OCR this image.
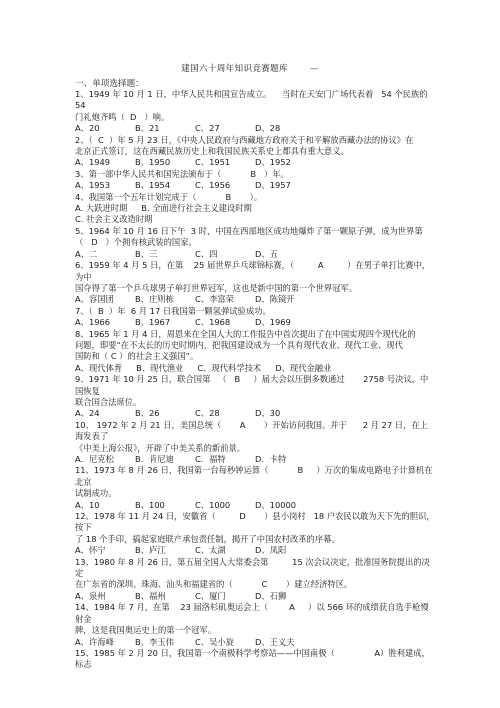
建国六十周年知识竞赛题库	—
一、单项选择题：

1、1949 年 10 月 1 日，中华人民共和国宣告成立。    当时在天安门广场代表着   54 个民族的  54

门礼炮齐鸣（  D   ）响。

A、20	B、21	C、27	D、28

2、（  C  ）年 5 月 23 日，《中央人民政府与西藏地方政府关于和平解放西藏办法的协议》在

北京正式签订，这在西藏民族历史上和我国民族关系史上都具有重大意义。

A、1949	B、1950	C、1951	D、1952

3、第一部中华人民共和国宪法颁布于（           B   ）年。

A、1953	B、1954	C、1956	D、1957

4、我国第一个五年计划完成于（           B       ）。

A. 大跃进时期 B. 全面进行社会主义建设时期
C. 社会主义改造时期

5、1964 年 10 月 16 日下午  3 时，中国在西部地区成功地爆炸了第一颗原子弹，成为世界第

（   D   ）个拥有核武装的国家。

A、二	B、三	C、四	D、五

6、1959 年 4 月 5 日，在第    25 届世界乒乓球锦标赛，（         A         ）在男子单打比赛中，为中

国夺得了第一个乒乓球男子单打世界冠军，这也是新中国的第一个世界冠军。

A、容国团	B、庄则栋	C、李富荣	D、陈镜开

7、（  B  ）年  6 月 17 日我国第一颗氢弹试验成功。

A、1966	B、1967	C、1968	D、1969

8、1965 年 1 月 4 日，周恩来在全国人大的工作报告中首次提出了在中国实现四个现代化的

问题，即要“在不太长的历史时期内，把我国建设成为一个具有现代农业、现代工业、现代

国防和（ C ）的社会主义强国”。

A、现代体育 B、现代渔业 C、现代科学技术 D、现代金融业

9、1971 年 10 月 25 日，联合国第   （   B     ）届大会以压倒多数通过       2758 号决议，中国恢复

联合国合法席位。

A、24	B、26	C、28	D、30

10、 1972 年 2 月 21 日，美国总统（       A       ）开始访问我国。并于      2 月 27 日，在上海发表了

《中美上海公报》，开辟了中美关系的新前景。

A．尼克松	B．肯尼迪	C．福特	D．卡特

11、1973 年 8 月 26 日，我国第一台每秒钟运算（           B     ）万次的集成电路电子计算机在北京

试制成功。

A、10	B、100	C、1000	D、10000

12、1978 年 11 月 24 日，安徽省（         D       ）县小岗村   18 户农民以敢为天下先的胆识，按下

了 18 个手印，搞起家庭联产承包责任制，揭开了中国农村改革的序幕。

A、怀宁	B、庐江	C、太湖	D、凤阳

13、1980 年 8 月 26 日，第五届全国人大常委会第         15 次会议决定，批准国务院提出的决定

在广东省的深圳、珠海、汕头和福建省的（           C       ）建立经济特区。

A、泉州	B、福州	C、厦门	D、石狮

14、1984 年 7 月，在第    23 届洛杉矶奥运会上（        A     ）以 566 环的成绩获自选手枪慢射金

牌，这是我国奥运史上的第一个冠军。

A、许海峰	B、李玉伟	C、吴小旋	D、王义夫

15、1985 年 2 月 20 日，我国第一个南极科学考察站——中国南极（               A）胜利建成，标志
